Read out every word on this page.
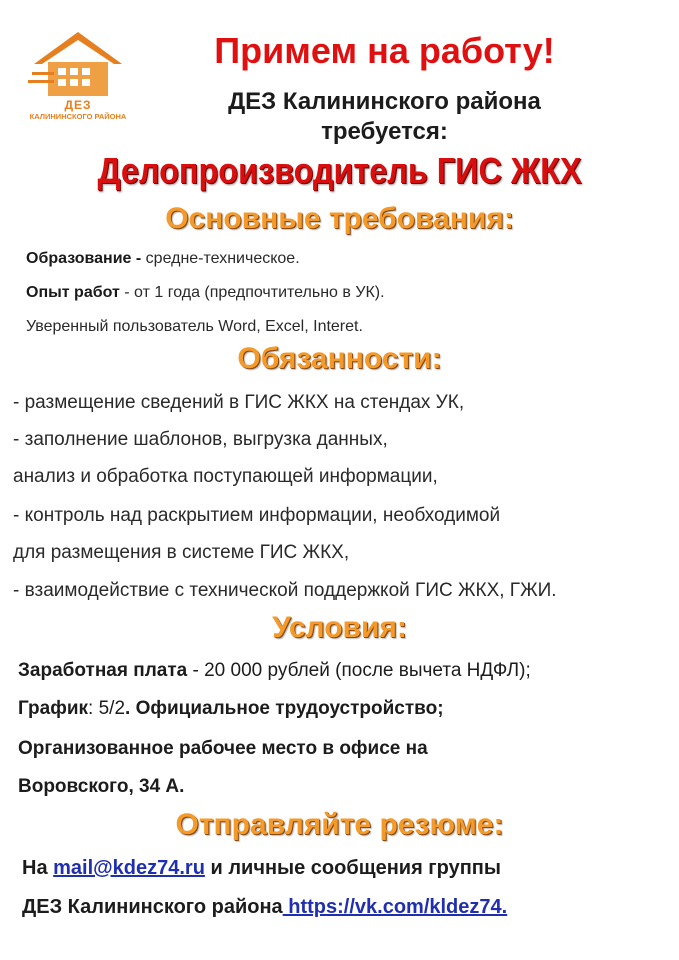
ДЕЗ
КАЛИНИНСКОГО РАЙОНА
Примем на работу!
ДЕЗ Калининского района
требуется:
Делопроизводитель ГИС ЖКХ
Основные требования:
Образование - средне-техническое.
Опыт работ - от 1 года (предпочтительно в УК).
Уверенный пользователь Word, Excel, Interet.
Обязанности:
- размещение сведений в ГИС ЖКХ на стендах УК,
- заполнение шаблонов, выгрузка данных,
анализ и обработка поступающей информации,
- контроль над раскрытием информации, необходимой
для размещения в системе ГИС ЖКХ,
- взаимодействие с технической поддержкой ГИС ЖКХ, ГЖИ.
Условия:
Заработная плата - 20 000 рублей (после вычета НДФЛ);
График: 5/2. Официальное трудоустройство;
Организованное рабочее место в офисе на
Воровского, 34 А.
Отправляйте резюме:
На mail@kdez74.ru и личные сообщения группы
ДЕЗ Калининского района https://vk.com/kldez74.
